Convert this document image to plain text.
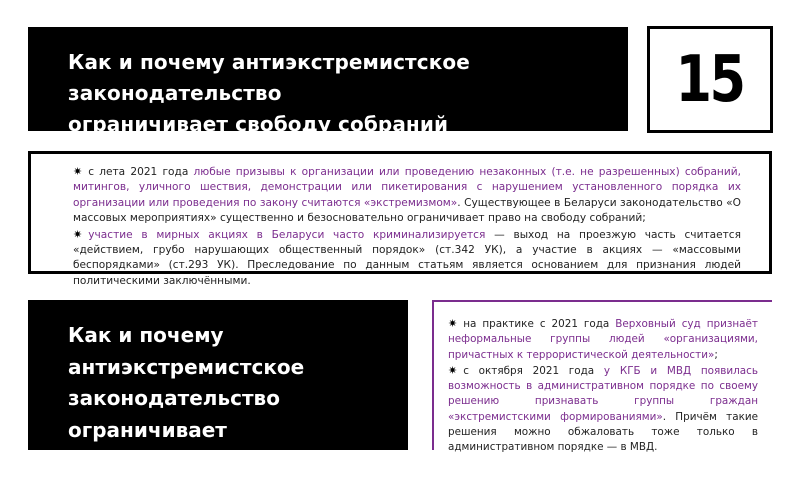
Как и почему антиэкстремистское законодательство
ограничивает свободу собраний
15
✷ с лета 2021 года любые призывы к организации или проведению незаконных (т.е. не разрешенных) собраний, митингов, уличного шествия, демонстрации или пикетирования с нарушением установленного порядка их организации или проведения по закону считаются «экстремизмом». Существующее в Беларуси законодательство «О массовых мероприятиях» существенно и безосновательно ограничивает право на свободу собраний;
✷ участие в мирных акциях в Беларуси часто криминализируется — выход на проезжую часть считается «действием, грубо нарушающих общественный порядок» (ст.342 УК), а участие в акциях — «массовыми беспорядками» (ст.293 УК). Преследование по данным статьям является основанием для признания людей политическими заключёнными.
Как и почему антиэкстремистское
законодательство ограничивает
свободу ассоциаций
✷ на практике с 2021 года Верховный суд признаёт неформальные группы людей «организациями, причастных к террористической деятельности»;
✷ с октября 2021 года у КГБ и МВД появилась возможность в административном порядке по своему решению признавать группы граждан «экстремистскими формированиями». Причём такие решения можно обжаловать тоже только в административном порядке — в МВД.
